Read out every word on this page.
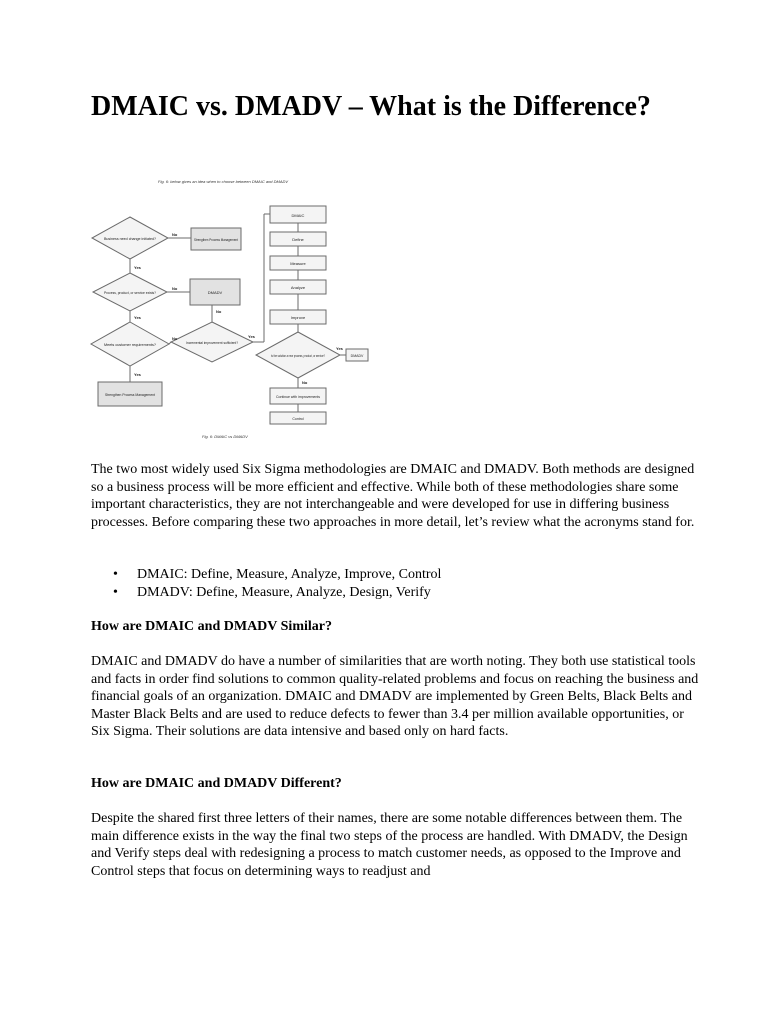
DMAIC vs. DMADV – What is the Difference?
Fig. 6: below gives an idea when to choose between DMAIC and DMADV
Business need change initiated?
Process, product, or service exists?
Meets customer requirements?
Strengthen Process Management
DMADV
Strengthen Process Management
Incremental improvement sufficient?
Yes
Yes
Yes
Yes
No
No
No
No
DMAIC
Define
Measure
Analyze
Improve
Is the solution a new process, product, or service?	DMADV
Yes
No
Continue with improvements
Control
Fig. 6: DMAIC vs DMADV

The two most widely used Six Sigma methodologies are DMAIC and DMADV. Both methods are designed so a business process will be more efficient and effective. While both of these methodologies share some important characteristics, they are not interchangeable and were developed for use in differing business processes. Before comparing these two approaches in more detail, let’s review what the acronyms stand for.

• DMAIC: Define, Measure, Analyze, Improve, Control
• DMADV: Define, Measure, Analyze, Design, Verify
How are DMAIC and DMADV Similar?

DMAIC and DMADV do have a number of similarities that are worth noting. They both use statistical tools and facts in order find solutions to common quality-related problems and focus on reaching the business and financial goals of an organization. DMAIC and DMADV are implemented by Green Belts, Black Belts and Master Black Belts and are used to reduce defects to fewer than 3.4 per million available opportunities, or Six Sigma. Their solutions are data intensive and based only on hard facts.

How are DMAIC and DMADV Different?

Despite the shared first three letters of their names, there are some notable differences between them. The main difference exists in the way the final two steps of the process are handled. With DMADV, the Design and Verify steps deal with redesigning a process to match customer needs, as opposed to the Improve and Control steps that focus on determining ways to readjust and
